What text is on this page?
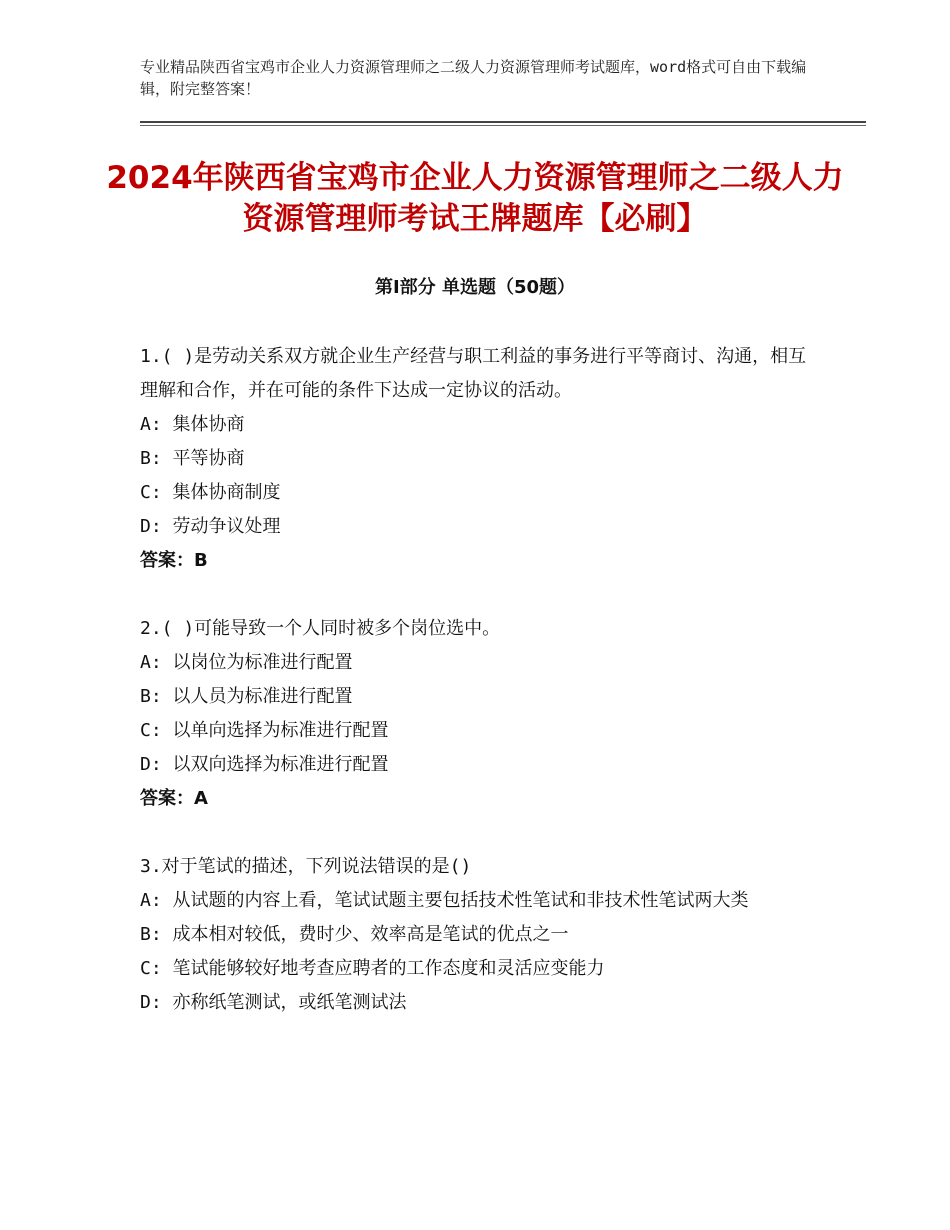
专业精品陕西省宝鸡市企业人力资源管理师之二级人力资源管理师考试题库，word格式可自由下载编辑，附完整答案！
2024年陕西省宝鸡市企业人力资源管理师之二级人力资源管理师考试王牌题库【必刷】
第Ⅰ部分 单选题（50题）
1.( )是劳动关系双方就企业生产经营与职工利益的事务进行平等商讨、沟通，相互理解和合作，并在可能的条件下达成一定协议的活动。
A: 集体协商
B: 平等协商
C: 集体协商制度
D: 劳动争议处理
答案：B
2.( )可能导致一个人同时被多个岗位选中。
A: 以岗位为标准进行配置
B: 以人员为标准进行配置
C: 以单向选择为标准进行配置
D: 以双向选择为标准进行配置
答案：A
3.对于笔试的描述，下列说法错误的是()
A: 从试题的内容上看，笔试试题主要包括技术性笔试和非技术性笔试两大类
B: 成本相对较低，费时少、效率高是笔试的优点之一
C: 笔试能够较好地考查应聘者的工作态度和灵活应变能力
D: 亦称纸笔测试，或纸笔测试法
